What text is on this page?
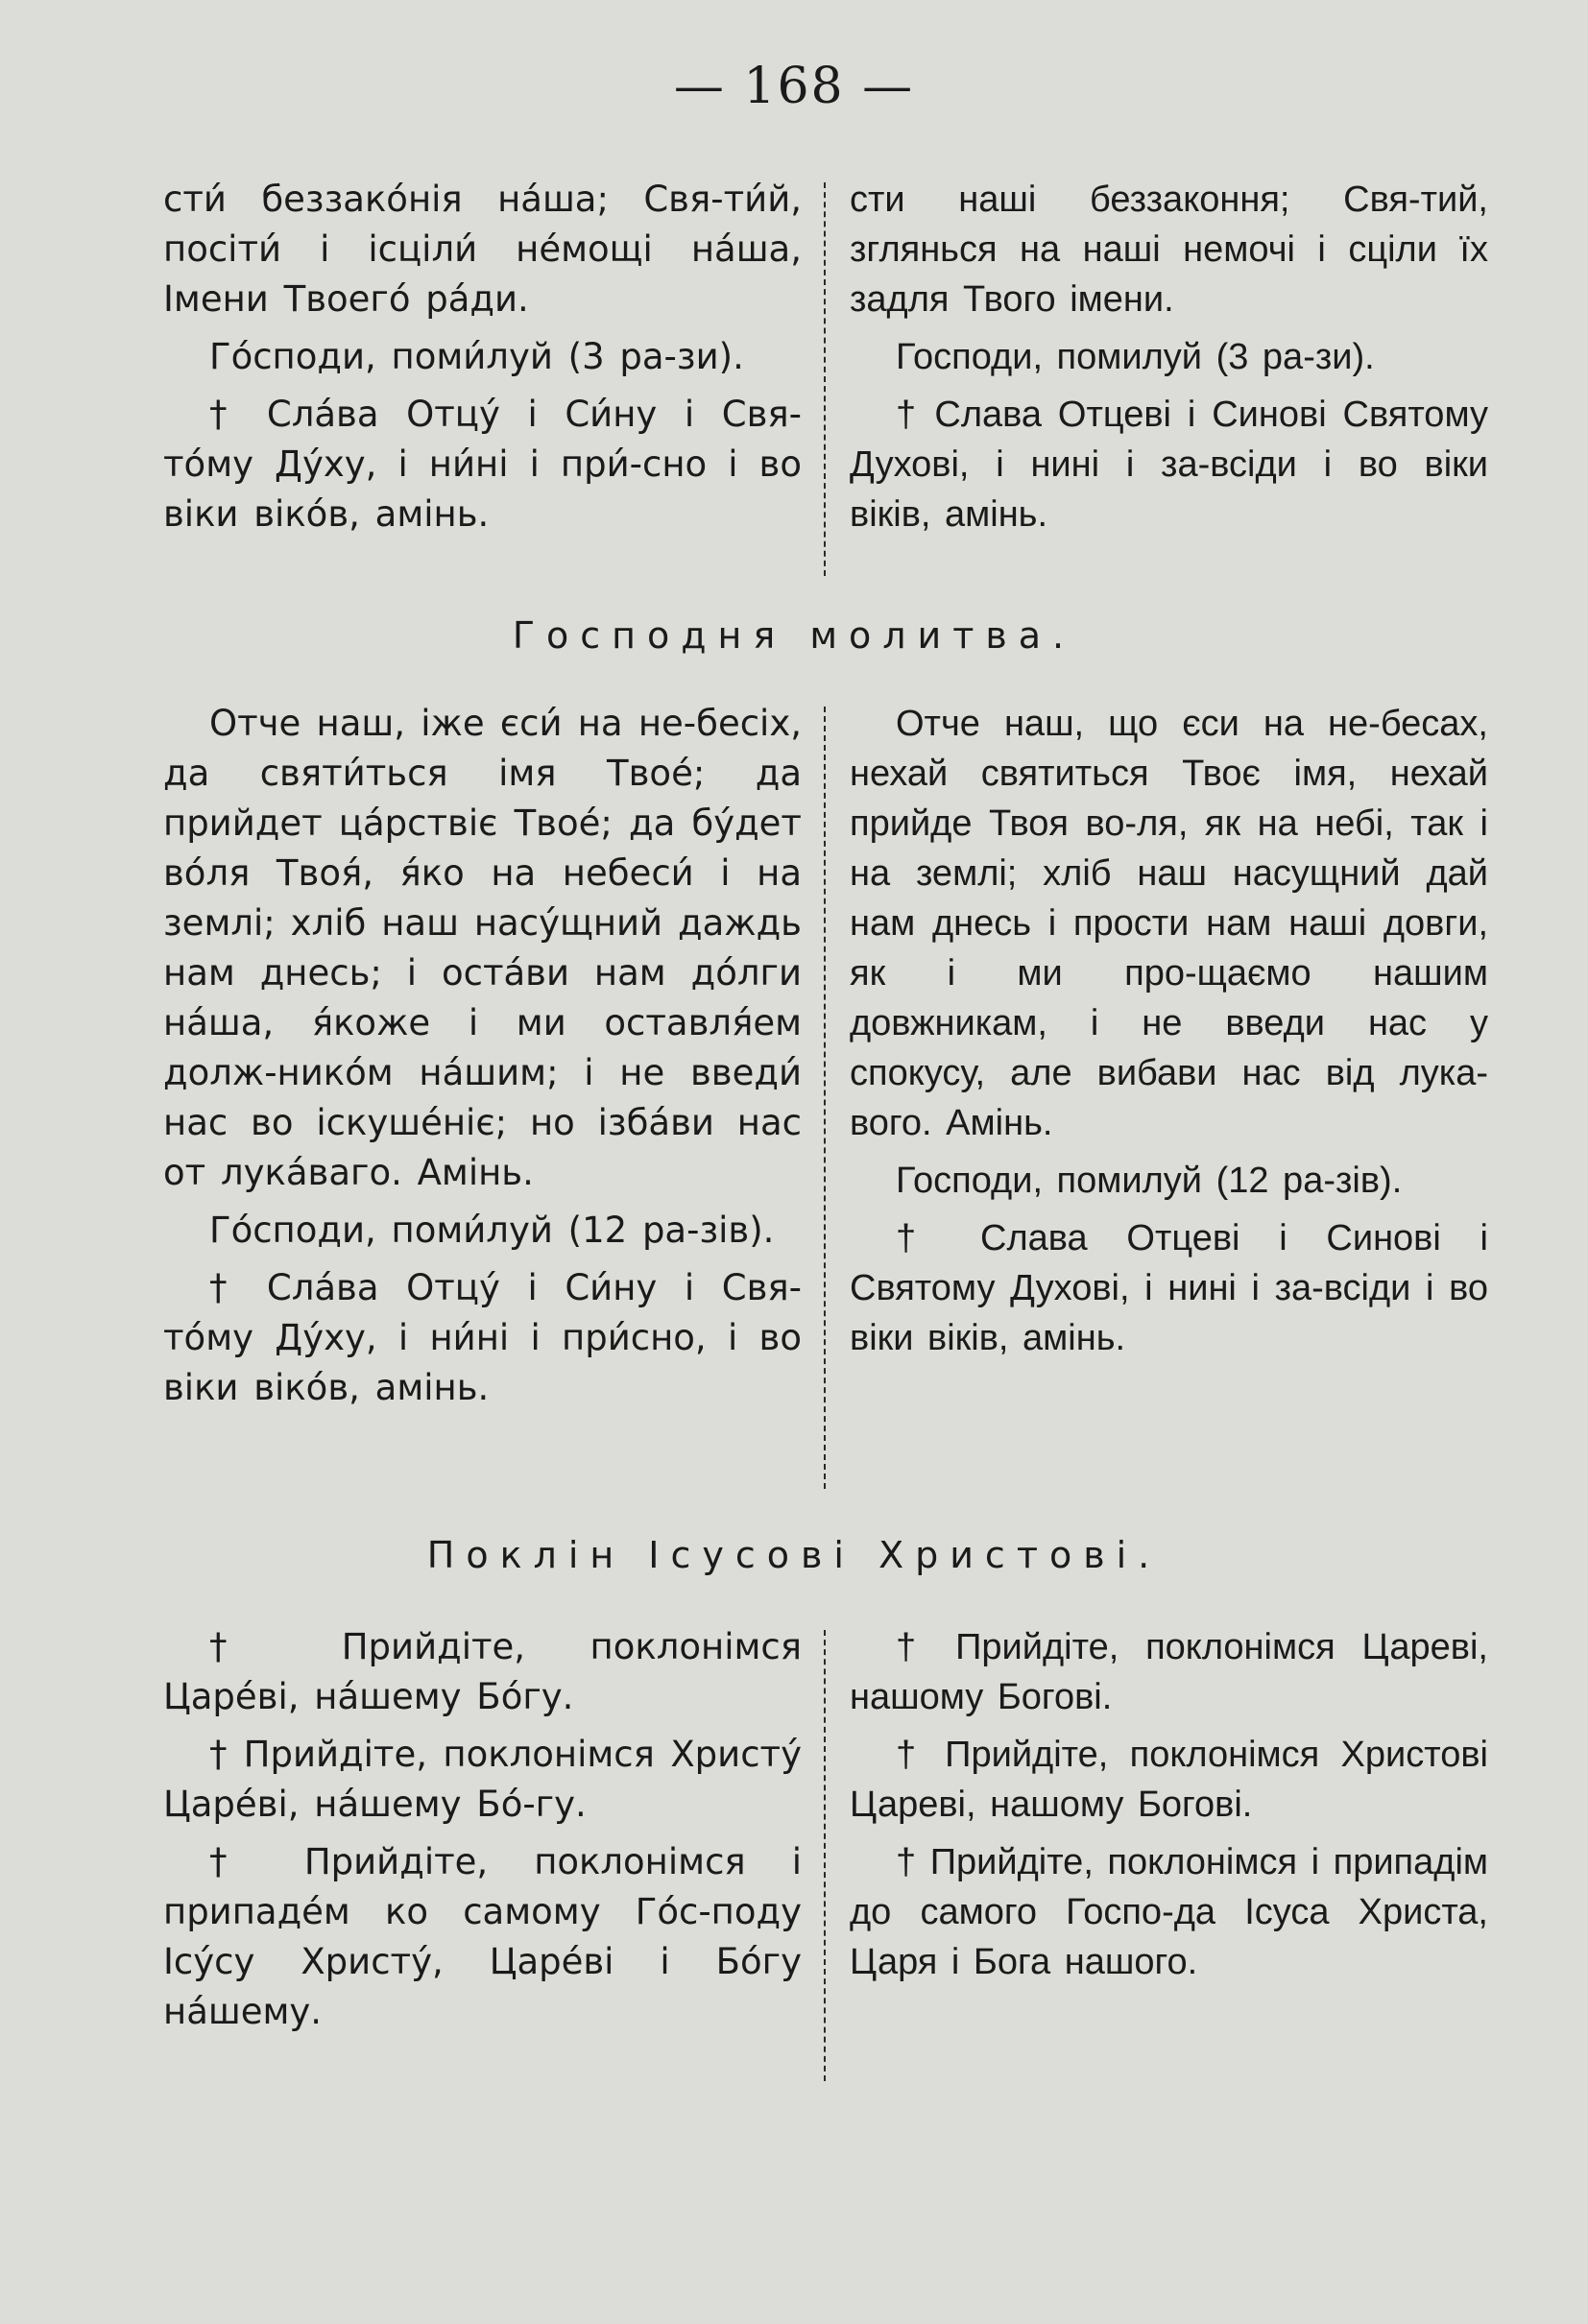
— 168 —

сти́ беззако́нія на́ша; Свя-ти́й, посіти́ і ісціли́ не́мощі на́ша, Імени Твоего́ ра́ди.

Го́споди, поми́луй (3 ра-зи).

† Сла́ва Отцу́ і Си́ну і Свя-то́му Ду́ху, і ни́ні і при́-сно і во віки віко́в, амінь.

сти наші беззаконня; Свя-тий, зглянься на наші немочі і сціли їх задля Твого імени.

Господи, помилуй (3 ра-зи).

† Слава Отцеві і Синові Святому Духові, і нині і за-всіди і во віки віків, амінь.

Господня молитва.

Отче наш, іже єси́ на не-бесіх, да святи́ться імя Твое́; да прийдет ца́рствіє Твое́; да бу́дет во́ля Твоя́, я́ко на небеси́ і на землі; хліб наш насу́щний даждь нам днесь; і оста́ви нам до́лги на́ша, я́коже і ми оставля́ем долж-нико́м на́шим; і не введи́ нас во іскуше́ніє; но ізба́ви нас от лука́ваго. Амінь.

Го́споди, поми́луй (12 ра-зів).

† Сла́ва Отцу́ і Си́ну і Свя-то́му Ду́ху, і ни́ні і при́сно, і во віки віко́в, амінь.

Отче наш, що єси на не-бесах, нехай святиться Твоє імя, нехай прийде Твоя во-ля, як на небі, так і на землі; хліб наш насущний дай нам днесь і прости нам наші довги, як і ми про-щаємо нашим довжникам, і не введи нас у спокусу, але вибави нас від лука-вого. Амінь.

Господи, помилуй (12 ра-зів).

† Слава Отцеві і Синові і Святому Духові, і нині і за-всіди і во віки віків, амінь.

Поклін Ісусові Христові.

† Прийдіте, поклонімся Царе́ві, на́шему Бо́гу.

† Прийдіте, поклонімся Христу́ Царе́ві, на́шему Бо́-гу.

† Прийдіте, поклонімся і припаде́м ко самому Го́с-поду Ісу́су Христу́, Царе́ві і Бо́гу на́шему.

† Прийдіте, поклонімся Цареві, нашому Богові.

† Прийдіте, поклонімся Христові Цареві, нашому Богові.

† Прийдіте, поклонімся і припадім до самого Госпо-да Ісуса Христа, Царя і Бога нашого.
